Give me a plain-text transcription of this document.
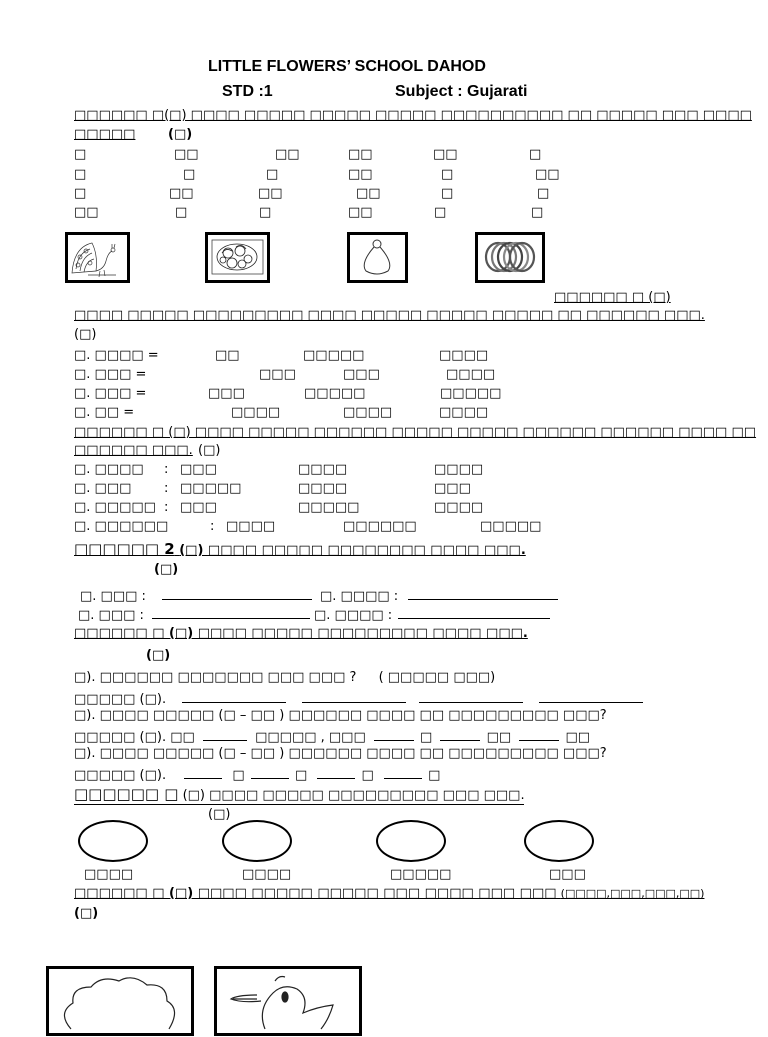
LITTLE FLOWERS’ SCHOOL DAHOD
STD :1	Subject : Gujarati
□□□□□□ □(□) □□□□ □□□□□ □□□□□ □□□□□ □□□□□□□□□□ □□ □□□□□ □□□ □□□□
□□□□□	(□)
□	□□	□□	□□	□□	□
□	□	□	□□	□	□□
□	□□	□□	□□	□	□
□□	□	□	□□	□	□
□□□□□□ □ (□)
□□□□ □□□□□ □□□□□□□□□ □□□□ □□□□□ □□□□□ □□□□□ □□ □□□□□□ □□□.
(□)
□. □□□□ =	□□	□□□□□	□□□□
□. □□□ =	□□□	□□□	□□□□
□. □□□ =	□□□	□□□□□	□□□□□
□. □□ =	□□□□	□□□□	□□□□
□□□□□□ □ (□) □□□□ □□□□□ □□□□□□ □□□□□ □□□□□ □□□□□□ □□□□□□ □□□□ □□
□□□□□□ □□□. (□)
□. □□□□ : □□□	□□□□	□□□□
□. □□□	: □□□□□	□□□□	□□□
□. □□□□□ : □□□	□□□□□	□□□□
□. □□□□□□	: □□□□	□□□□□□	□□□□□
□□□□□□ 2 (□) □□□□ □□□□□ □□□□□□□□ □□□□ □□□.
(□)
□. □□□ :	□. □□□□ :
□. □□□ :	□. □□□□ :
□□□□□□ □ (□) □□□□ □□□□□ □□□□□□□□□ □□□□ □□□.
(□)
□). □□□□□□ □□□□□□□ □□□ □□□ ? ( □□□□□ □□□)
□□□□□ (□).
□). □□□□ □□□□□ (□ – □□ ) □□□□□□ □□□□ □□ □□□□□□□□□ □□□?
□□□□□ (□). □□	□□□□□ , □□□	□	□□	□□
□). □□□□ □□□□□ (□ – □□ ) □□□□□□ □□□□ □□ □□□□□□□□□ □□□?
□□□□□ (□).	□	□	□	□
□□□□□□ □ (□) □□□□ □□□□□ □□□□□□□□□ □□□ □□□.
(□)
□□□□	□□□□	□□□□□	□□□
□□□□□□ □ (□) □□□□ □□□□□ □□□□□ □□□ □□□□ □□□ □□□ (□□□□,□□□,□□□,□□)
(□)
